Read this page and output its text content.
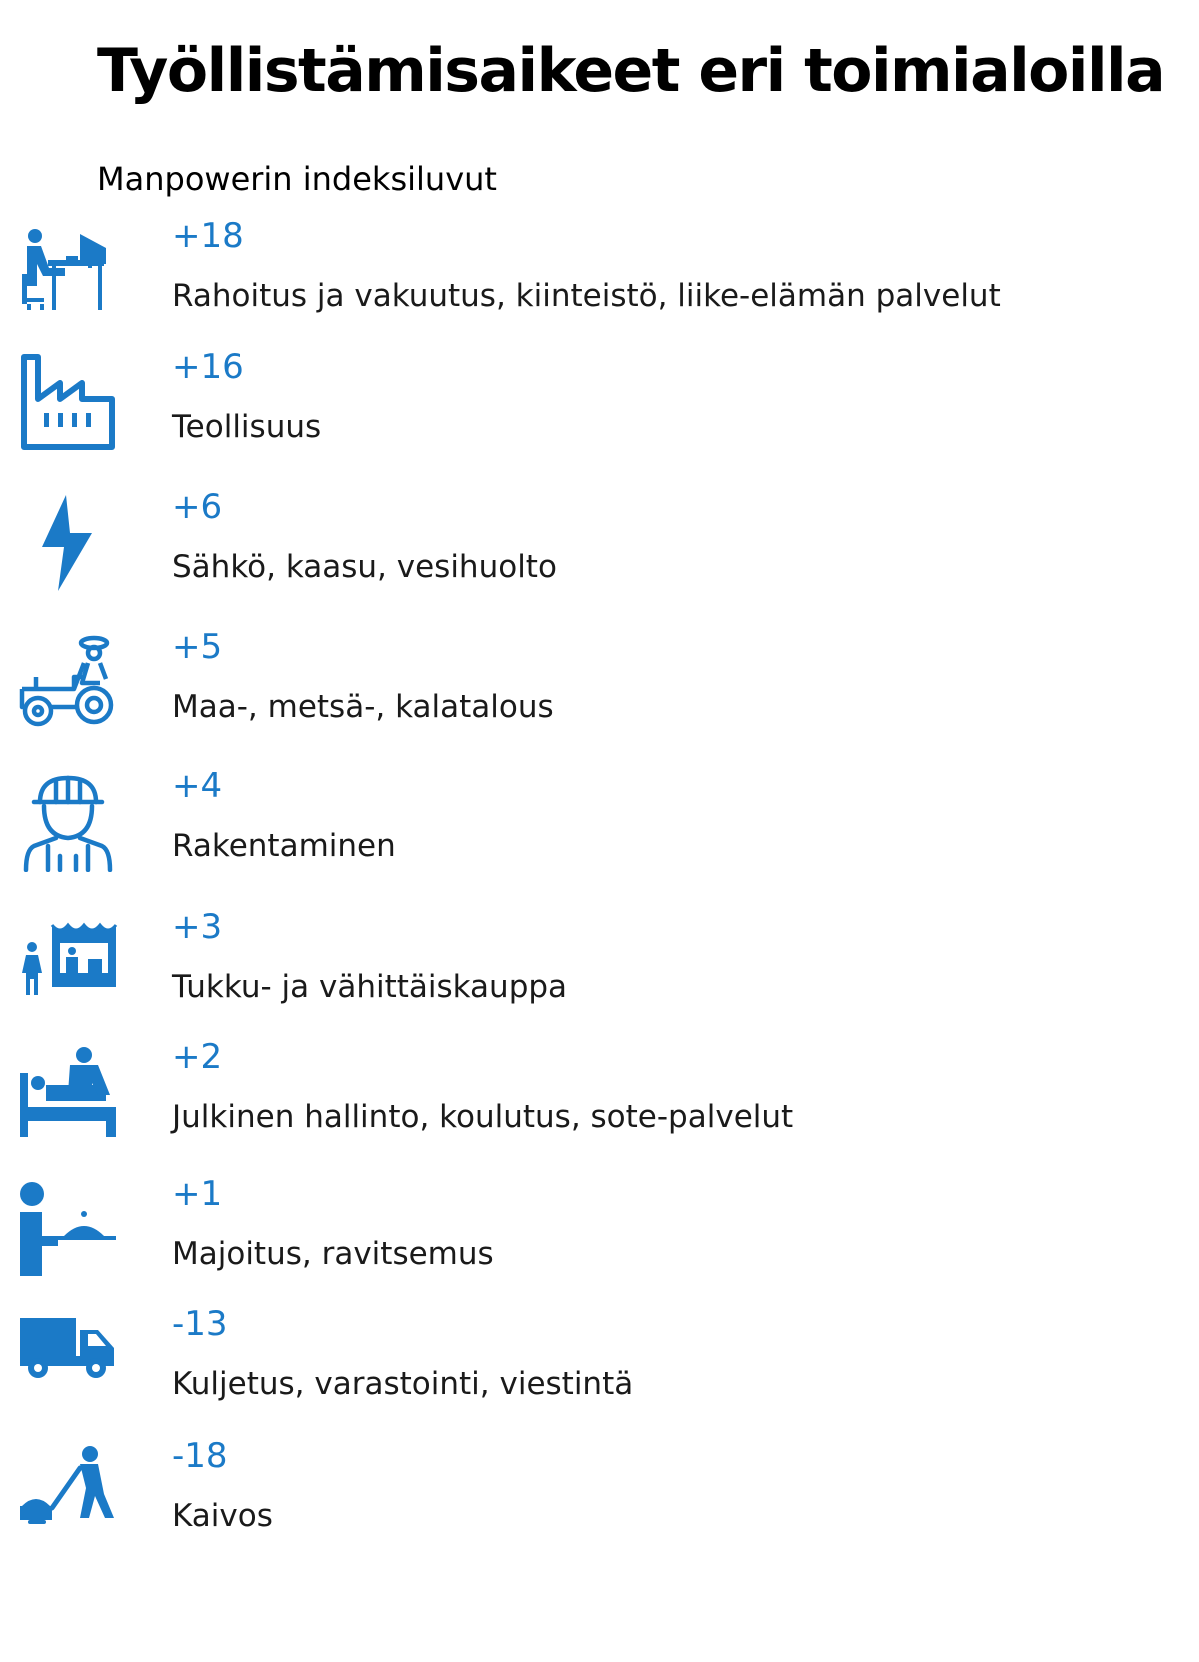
Työllistämisaikeet eri toimialoilla
Manpowerin indeksiluvut
+18
Rahoitus ja vakuutus, kiinteistö, liike-elämän palvelut
+16
Teollisuus
+6
Sähkö, kaasu, vesihuolto
+5
Maa-, metsä-, kalatalous
+4
Rakentaminen
+3
Tukku- ja vähittäiskauppa
+2
Julkinen hallinto, koulutus, sote-palvelut
+1
Majoitus, ravitsemus
-13
Kuljetus, varastointi, viestintä
-18
Kaivos
